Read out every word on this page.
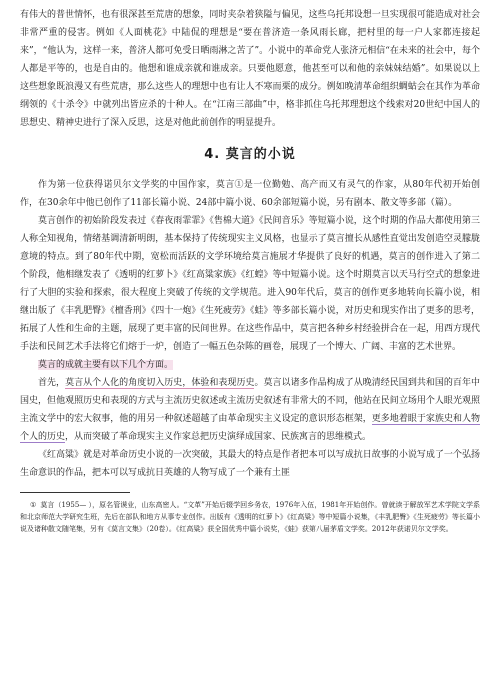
有伟大的普世情怀，也有很深甚至荒唐的想象，同时夹杂着狭隘与偏见，这些乌托邦设想一旦实现很可能造成对社会非常严重的侵害。例如《人面桃花》中陆侃的理想是“要在普济造一条风雨长廊，把村里的每一户人家都连接起来”，“他认为，这样一来，普济人都可免受日晒雨淋之苦了”。小说中的革命党人张济元相信“在未来的社会中，每个人都是平等的，也是自由的。他想和谁成亲就和谁成亲。只要他愿意，他甚至可以和他的亲妹妹结婚”。如果说以上这些想象既浪漫又有些荒唐，那么这些人的理想中也有让人不寒而栗的成分。例如晚清革命组织蜩蛄会在其作为革命纲领的《十杀令》中就列出皆应杀的十种人。在“江南三部曲”中，格非抓住乌托邦理想这个线索对20世纪中国人的思想史、精神史进行了深入反思，这是对他此前创作的明显提升。

4. 莫言的小说

作为第一位获得诺贝尔文学奖的中国作家，莫言①是一位勤勉、高产而又有灵气的作家，从80年代初开始创作，在30余年中他已创作了11部长篇小说、24部中篇小说、60余部短篇小说，另有剧本、散文等多部（篇）。

莫言创作的初始阶段发表过《春夜雨霏霏》《售棉大道》《民间音乐》等短篇小说，这个时期的作品大都使用第三人称全知视角，情绪基调清新明朗，基本保持了传统现实主义风格，也显示了莫言擅长从感性直觉出发创造空灵朦胧意境的特点。到了80年代中期，宽松而活跃的文学环境给莫言施展才华提供了良好的机遇，莫言的创作进入了第二个阶段，他相继发表了《透明的红萝卜》《红高粱家族》《红蝗》等中短篇小说。这个时期莫言以天马行空式的想象进行了大胆的实验和探索，很大程度上突破了传统的文学规范。进入90年代后，莫言的创作更多地转向长篇小说，相继出版了《丰乳肥臀》《檀香刑》《四十一炮》《生死疲劳》《蛙》等多部长篇小说，对历史和现实作出了更多的思考，拓展了人性和生命的主题，展现了更丰富的民间世界。在这些作品中，莫言把各种乡村经验拼合在一起，用西方现代手法和民间艺术手法将它们熔于一炉，创造了一幅五色杂陈的画卷，展现了一个博大、广阔、丰富的艺术世界。

莫言的成就主要有以下几个方面。

首先，莫言从个人化的角度切入历史，体验和表现历史。莫言以诸多作品构成了从晚清经民国到共和国的百年中国史，但他观照历史和表现的方式与主流历史叙述或主流历史叙述有非常大的不同，他站在民间立场用个人眼光观照主流文学中的宏大叙事，他的用另一种叙述超越了由革命现实主义设定的意识形态框架，更多地着眼于家族史和人物个人的历史，从而突破了革命现实主义作家总把历史演绎成国家、民族寓言的思维模式。

《红高粱》就是对革命历史小说的一次突破，其最大的特点是作者把本可以写成抗日故事的小说写成了一个弘扬生命意识的作品，把本可以写成抗日英雄的人物写成了一个兼有土匪

① 莫言（1955— ），原名管谟业，山东高密人。“文革”开始后辍学回乡务农，1976年入伍，1981年开始创作。曾就读于解放军艺术学院文学系和北京师范大学研究生班，先后在部队和地方从事专业创作。出版有《透明的红萝卜》《红高粱》等中短篇小说集，《丰乳肥臀》《生死疲劳》等长篇小说及诸种散文随笔集，另有《莫言文集》（20卷）。《红高粱》获全国优秀中篇小说奖，《蛙》获第八届茅盾文学奖。2012年获诺贝尔文学奖。
